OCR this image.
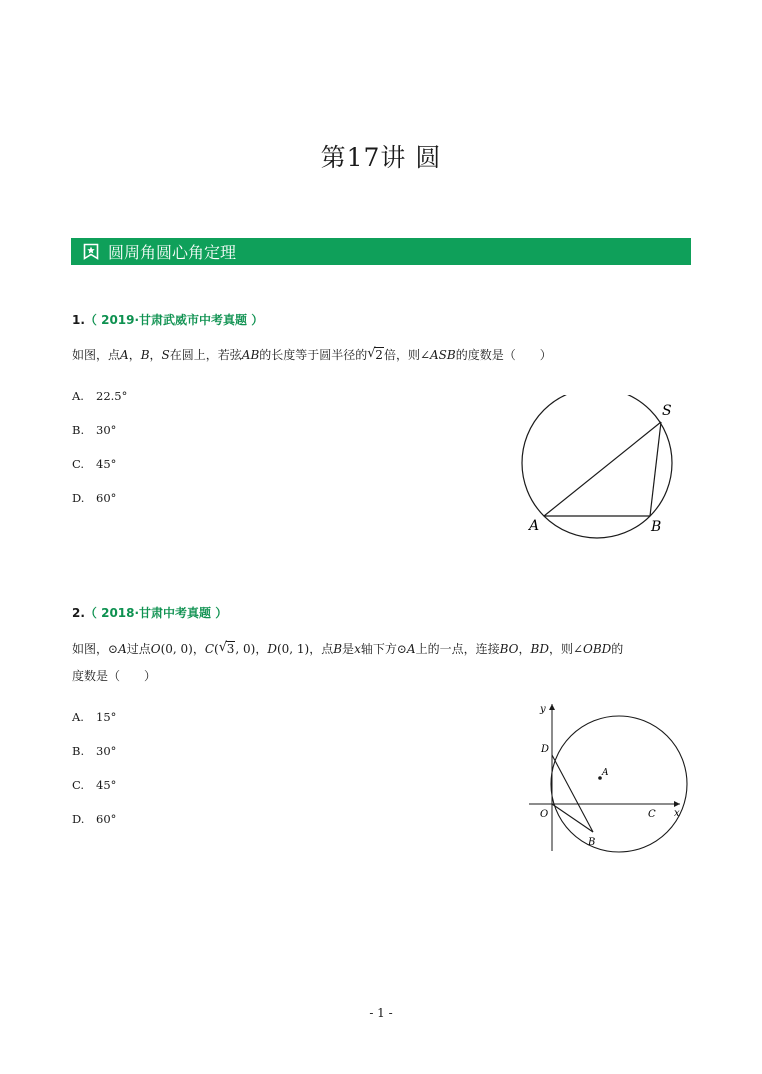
第17讲 圆
圆周角圆心角定理
1.（ 2019·甘肃武威市中考真题 ）
如图，点A，B，S在圆上，若弦AB的长度等于圆半径的 √ 2倍，则∠ASB的度数是（　　）
A. 22.5°
B. 30°
C. 45°
D. 60°
S
A	B
2.（ 2018·甘肃中考真题 ）
如图，⊙A过点O(0, 0)，C( √ 3, 0)，D(0, 1)，点B是x轴下方⊙A上的一点，连接BO，BD，则∠OBD的
度数是（　　）
A. 15°
B. 30°
C. 45°
D. 60°
y
x
D
A
O	C
B
- 1 -
